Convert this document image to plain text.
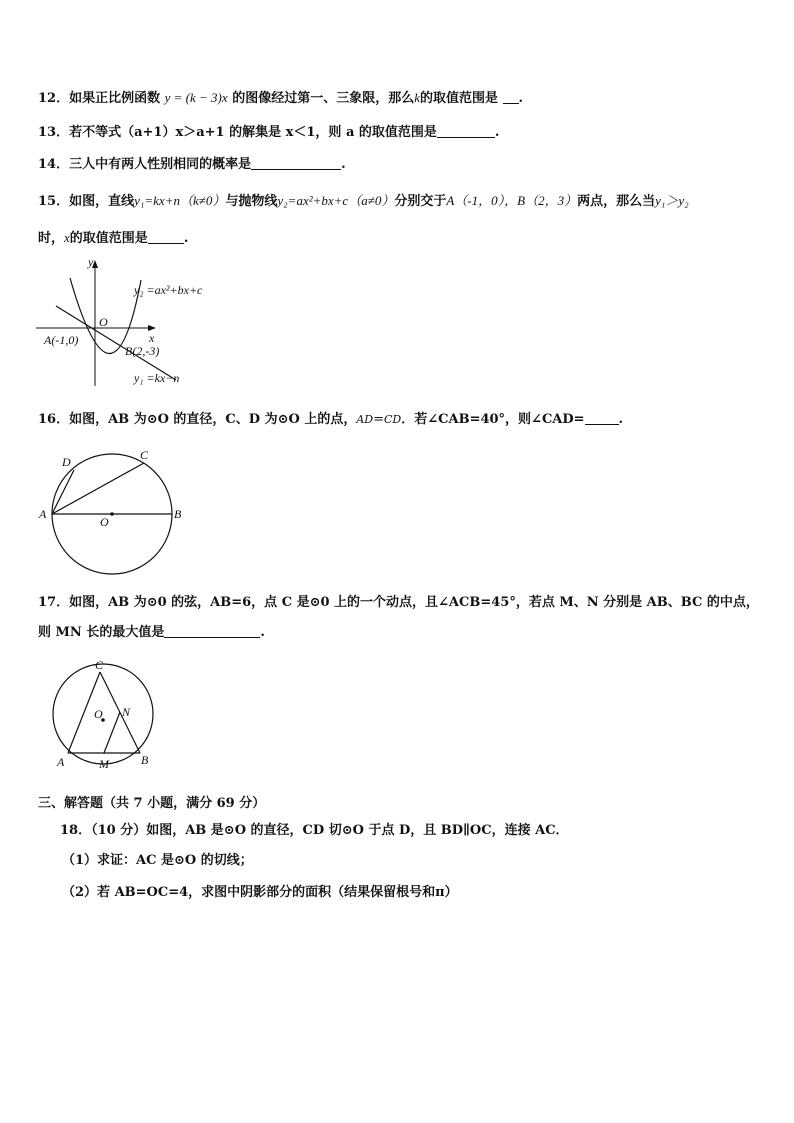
12．如果正比例函数 y = (k − 3)x 的图像经过第一、三象限，那么k的取值范围是 .
13．若不等式（a+1）x＞a+1 的解集是 x＜1，则 a 的取值范围是	.
14．三人中有两人性别相同的概率是	.
15．如图，直线y₁=kx+n（k≠0）与抛物线y₂=ax²+bx+c（a≠0）分别交于A（-1，0），B（2，3）两点，那么当y₁＞y₂
时，x的取值范围是	.
y
x
O
y₂ =ax²+bx+c
y₁ =kx−n
A(-1,0)
B(2,-3)
16．如图，AB 为⊙O 的直径，C、D 为⊙O 上的点，AD=CD．若∠CAB=40°，则∠CAD=	.
A	B
C
D
O
17．如图，AB 为⊙0 的弦，AB=6，点 C 是⊙0 上的一个动点，且∠ACB=45°，若点 M、N 分别是 AB、BC 的中点，
则 MN 长的最大值是	.
C
O N
A	M	B
三、解答题（共 7 小题，满分 69 分）
18．（10 分）如图，AB 是⊙O 的直径，CD 切⊙O 于点 D，且 BD∥OC，连接 AC．
（1）求证：AC 是⊙O 的切线；
（2）若 AB=OC=4，求图中阴影部分的面积（结果保留根号和π）
